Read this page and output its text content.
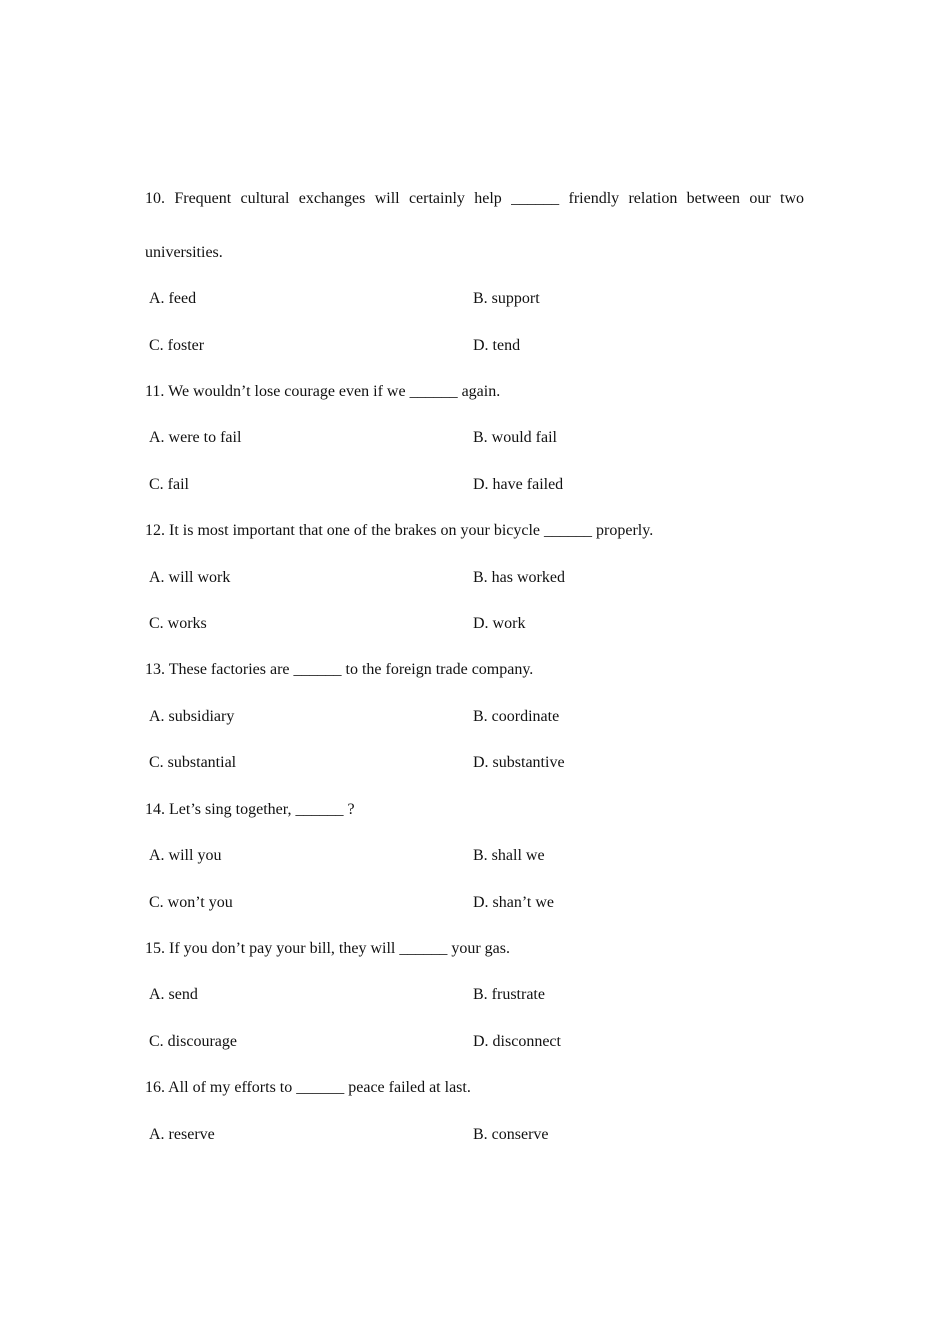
10. Frequent cultural exchanges will certainly help ______ friendly relation between our two
universities.
A. feed	B. support
C. foster	D. tend
11. We wouldn’t lose courage even if we ______ again.
A. were to fail	B. would fail
C. fail	D. have failed
12. It is most important that one of the brakes on your bicycle ______ properly.
A. will work	B. has worked
C. works	D. work
13. These factories are ______ to the foreign trade company.
A. subsidiary	B. coordinate
C. substantial	D. substantive
14. Let’s sing together, ______ ?
A. will you	B. shall we
C. won’t you	D. shan’t we
15. If you don’t pay your bill, they will ______ your gas.
A. send	B. frustrate
C. discourage	D. disconnect
16. All of my efforts to ______ peace failed at last.
A. reserve	B. conserve
